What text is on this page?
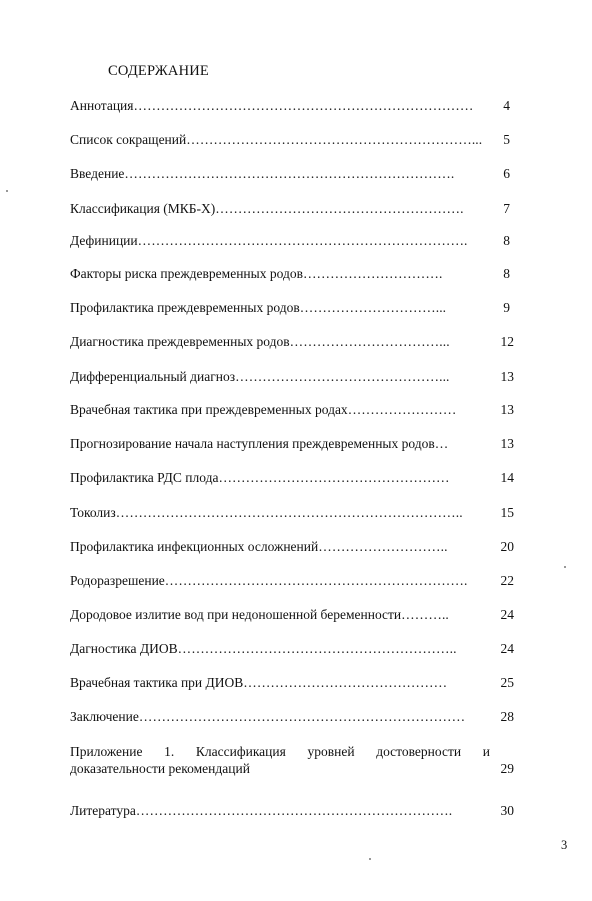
СОДЕРЖАНИЕ
Аннотация…………………………………………………………………	4
Список сокращений………………………………………………………...	5
Введение……………………………………………………………….	6
Классификация (МКБ-Х)……………………………………………….	7
Дефиниции……………………………………………………………….	8
Факторы риска преждевременных родов………………………….	8
Профилактика преждевременных родов…………………………...	9
Диагностика преждевременных родов……………………………...	12
Дифференциальный диагноз………………………………………...	13
Врачебная тактика при преждевременных родах……………………	13
Прогнозирование начала наступления преждевременных родов…	13
Профилактика РДС плода……………………………………………	14
Токолиз…………………………………………………………………..	15
Профилактика инфекционных осложнений………………………..	20
Родоразрешение………………………………………………………….	22
Дородовое излитие вод при недоношенной беременности………..	24
Дагностика ДИОВ……………………………………………………..	24
Врачебная тактика при ДИОВ………………………………………	25
Заключение………………………………………………………………	28
Приложение 1. Классификация уровней достоверности и
доказательности рекомендаций	29
Литература…………………………………………………………….	30
3
